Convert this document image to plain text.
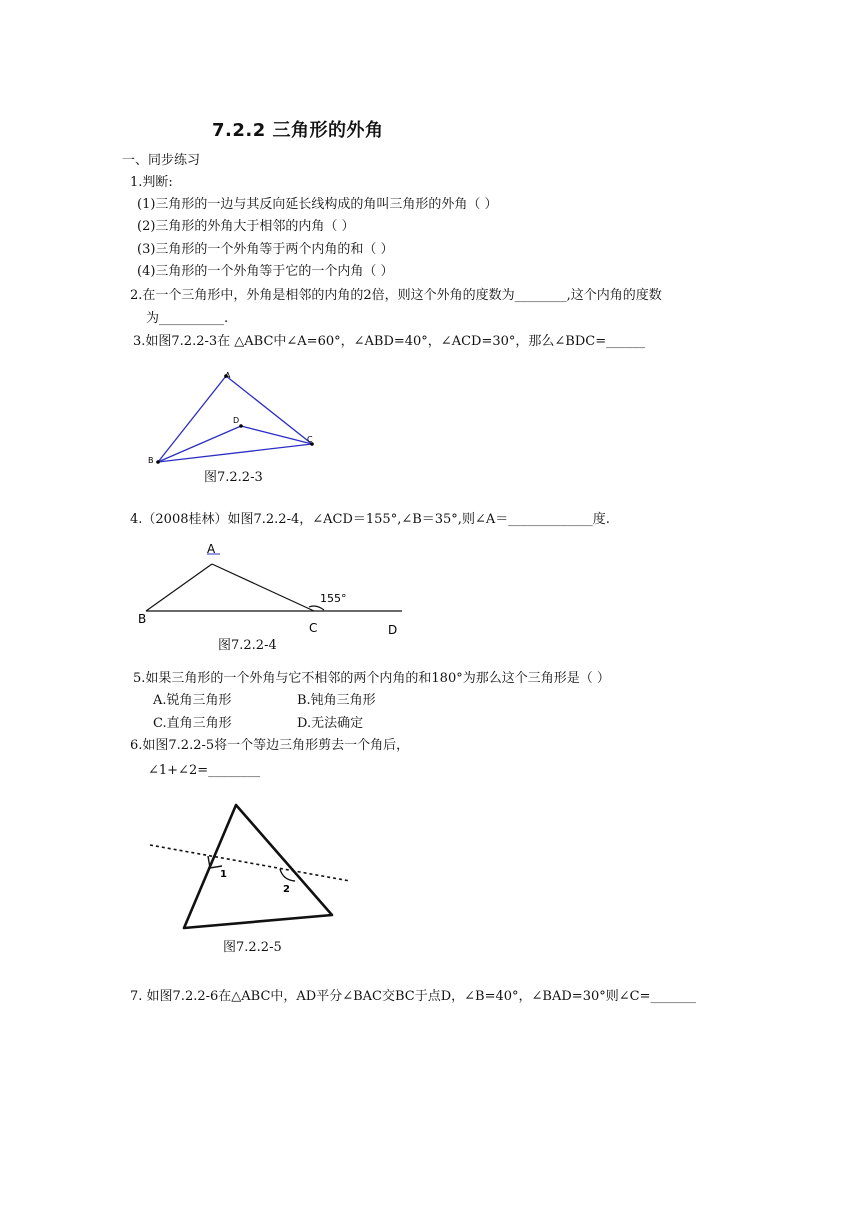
7.2.2 三角形的外角
一、同步练习
1.判断:
(1)三角形的一边与其反向延长线构成的角叫三角形的外角（ ）
(2)三角形的外角大于相邻的内角（ ）
(3)三角形的一个外角等于两个内角的和（ ）
(4)三角形的一个外角等于它的一个内角（ ）
2.在一个三角形中，外角是相邻的内角的2倍，则这个外角的度数为________,这个内角的度数
为__________.
3.如图7.2.2-3在 △ABC中∠A=60°，∠ABD=40°，∠ACD=30°，那么∠BDC=______
A
B
C
D
图7.2.2-3
4.（2008桂林）如图7.2.2-4，∠ACD＝155°,∠B＝35°,则∠A＝_____________度.
A
B
C	D
155°
图7.2.2-4
5.如果三角形的一个外角与它不相邻的两个内角的和180°为那么这个三角形是（ ）
A.锐角三角形	B.钝角三角形
C.直角三角形	D.无法确定
6.如图7.2.2-5将一个等边三角形剪去一个角后，
∠1+∠2=________
1
2
图7.2.2-5
7. 如图7.2.2-6在△ABC中，AD平分∠BAC交BC于点D，∠B=40°，∠BAD=30°则∠C=_______
